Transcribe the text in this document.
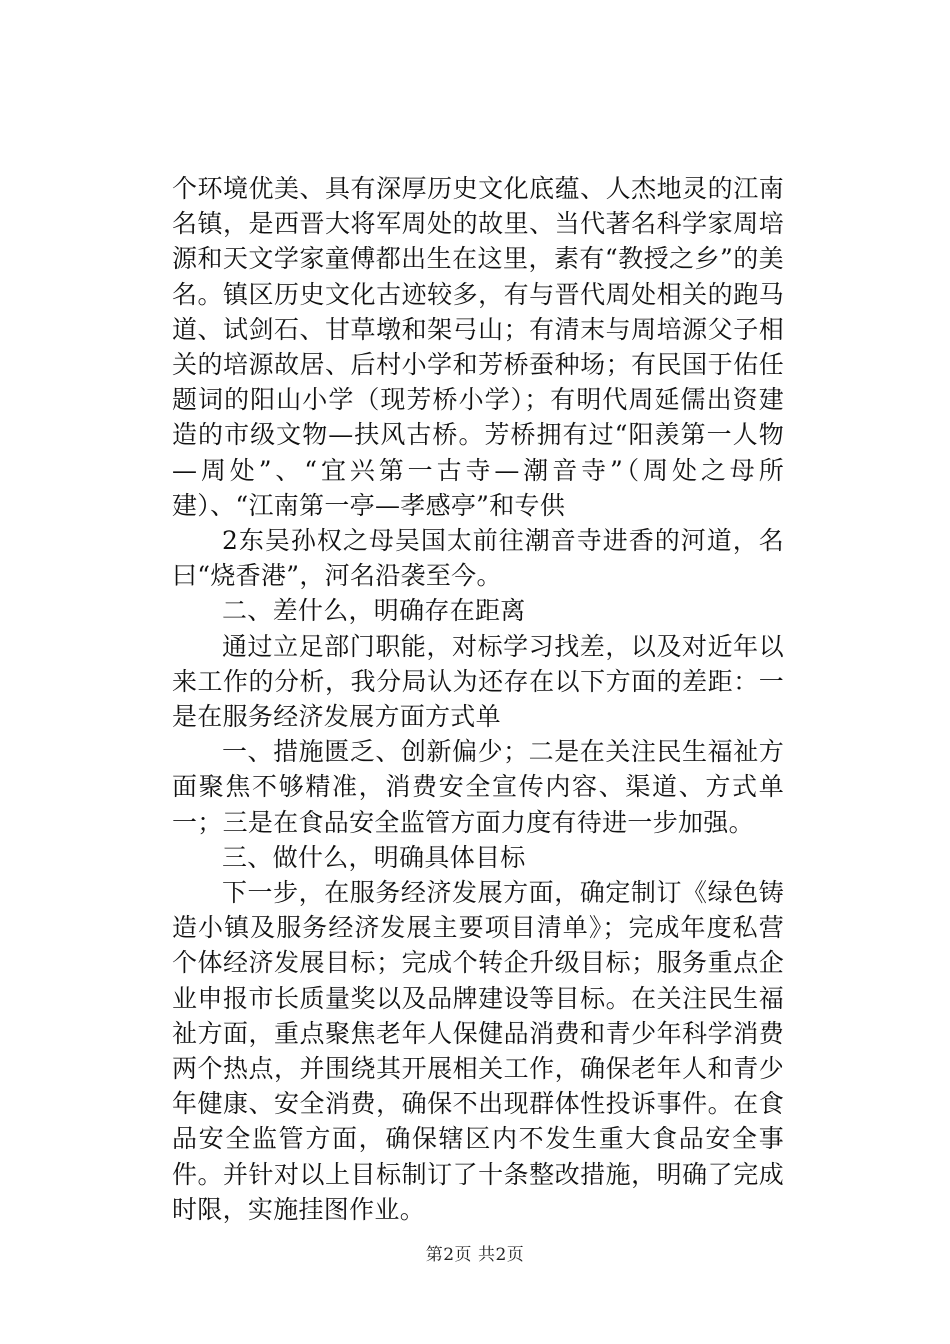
个环境优美、具有深厚历史文化底蕴、人杰地灵的江南名镇，是西晋大将军周处的故里、当代著名科学家周培源和天文学家童傅都出生在这里，素有“教授之乡”的美名。镇区历史文化古迹较多，有与晋代周处相关的跑马道、试剑石、甘草墩和架弓山；有清末与周培源父子相关的培源故居、后村小学和芳桥蚕种场；有民国于佑任题词的阳山小学（现芳桥小学）；有明代周延儒出资建造的市级文物—扶风古桥。芳桥拥有过“阳羡第一人物—周处”、“宜兴第一古寺—潮音寺”（周处之母所建）、“江南第一亭—孝感亭”和专供

2东吴孙权之母吴国太前往潮音寺进香的河道，名曰“烧香港”，河名沿袭至今。

二、差什么，明确存在距离

通过立足部门职能，对标学习找差，以及对近年以来工作的分析，我分局认为还存在以下方面的差距：一是在服务经济发展方面方式单

一、措施匮乏、创新偏少；二是在关注民生福祉方面聚焦不够精准，消费安全宣传内容、渠道、方式单一；三是在食品安全监管方面力度有待进一步加强。

三、做什么，明确具体目标

下一步，在服务经济发展方面，确定制订《绿色铸造小镇及服务经济发展主要项目清单》；完成年度私营个体经济发展目标；完成个转企升级目标；服务重点企业申报市长质量奖以及品牌建设等目标。在关注民生福祉方面，重点聚焦老年人保健品消费和青少年科学消费两个热点，并围绕其开展相关工作，确保老年人和青少年健康、安全消费，确保不出现群体性投诉事件。在食品安全监管方面，确保辖区内不发生重大食品安全事件。并针对以上目标制订了十条整改措施，明确了完成时限，实施挂图作业。

第2页 共2页
